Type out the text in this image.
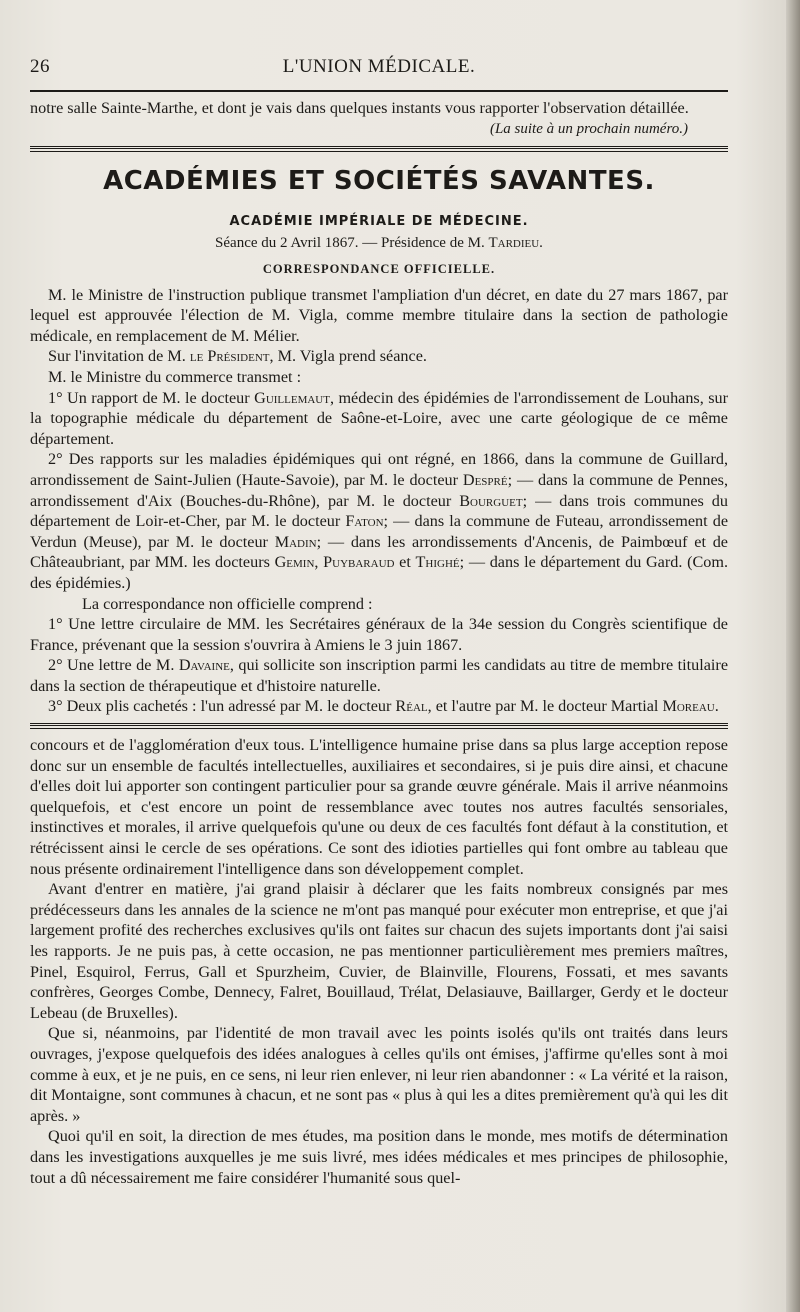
26	L'UNION MÉDICALE.

notre salle Sainte-Marthe, et dont je vais dans quelques instants vous rapporter l'observation détaillée.

(La suite à un prochain numéro.)
ACADÉMIES ET SOCIÉTÉS SAVANTES.
ACADÉMIE IMPÉRIALE DE MÉDECINE.
Séance du 2 Avril 1867. — Présidence de M. Tardieu.
CORRESPONDANCE OFFICIELLE.

M. le Ministre de l'instruction publique transmet l'ampliation d'un décret, en date du 27 mars 1867, par lequel est approuvée l'élection de M. Vigla, comme membre titulaire dans la section de pathologie médicale, en remplacement de M. Mélier.

Sur l'invitation de M. le Président, M. Vigla prend séance.

M. le Ministre du commerce transmet :

1° Un rapport de M. le docteur Guillemaut, médecin des épidémies de l'arrondissement de Louhans, sur la topographie médicale du département de Saône-et-Loire, avec une carte géologique de ce même département.

2° Des rapports sur les maladies épidémiques qui ont régné, en 1866, dans la commune de Guillard, arrondissement de Saint-Julien (Haute-Savoie), par M. le docteur Despré; — dans la commune de Pennes, arrondissement d'Aix (Bouches-du-Rhône), par M. le docteur Bourguet; — dans trois communes du département de Loir-et-Cher, par M. le docteur Faton; — dans la commune de Futeau, arrondissement de Verdun (Meuse), par M. le docteur Madin; — dans les arrondissements d'Ancenis, de Paimbœuf et de Châteaubriant, par MM. les docteurs Gemin, Puybaraud et Thighé; — dans le département du Gard. (Com. des épidémies.)

La correspondance non officielle comprend :

1° Une lettre circulaire de MM. les Secrétaires généraux de la 34e session du Congrès scientifique de France, prévenant que la session s'ouvrira à Amiens le 3 juin 1867.

2° Une lettre de M. Davaine, qui sollicite son inscription parmi les candidats au titre de membre titulaire dans la section de thérapeutique et d'histoire naturelle.

3° Deux plis cachetés : l'un adressé par M. le docteur Réal, et l'autre par M. le docteur Martial Moreau.

concours et de l'agglomération d'eux tous. L'intelligence humaine prise dans sa plus large acception repose donc sur un ensemble de facultés intellectuelles, auxiliaires et secondaires, si je puis dire ainsi, et chacune d'elles doit lui apporter son contingent particulier pour sa grande œuvre générale. Mais il arrive néanmoins quelquefois, et c'est encore un point de ressemblance avec toutes nos autres facultés sensoriales, instinctives et morales, il arrive quelquefois qu'une ou deux de ces facultés font défaut à la constitution, et rétrécissent ainsi le cercle de ses opérations. Ce sont des idioties partielles qui font ombre au tableau que nous présente ordinairement l'intelligence dans son développement complet.

Avant d'entrer en matière, j'ai grand plaisir à déclarer que les faits nombreux consignés par mes prédécesseurs dans les annales de la science ne m'ont pas manqué pour exécuter mon entreprise, et que j'ai largement profité des recherches exclusives qu'ils ont faites sur chacun des sujets importants dont j'ai saisi les rapports. Je ne puis pas, à cette occasion, ne pas mentionner particulièrement mes premiers maîtres, Pinel, Esquirol, Ferrus, Gall et Spurzheim, Cuvier, de Blainville, Flourens, Fossati, et mes savants confrères, Georges Combe, Dennecy, Falret, Bouillaud, Trélat, Delasiauve, Baillarger, Gerdy et le docteur Lebeau (de Bruxelles).

Que si, néanmoins, par l'identité de mon travail avec les points isolés qu'ils ont traités dans leurs ouvrages, j'expose quelquefois des idées analogues à celles qu'ils ont émises, j'affirme qu'elles sont à moi comme à eux, et je ne puis, en ce sens, ni leur rien enlever, ni leur rien abandonner : « La vérité et la raison, dit Montaigne, sont communes à chacun, et ne sont pas « plus à qui les a dites premièrement qu'à qui les dit après. »

Quoi qu'il en soit, la direction de mes études, ma position dans le monde, mes motifs de détermination dans les investigations auxquelles je me suis livré, mes idées médicales et mes principes de philosophie, tout a dû nécessairement me faire considérer l'humanité sous quel-
